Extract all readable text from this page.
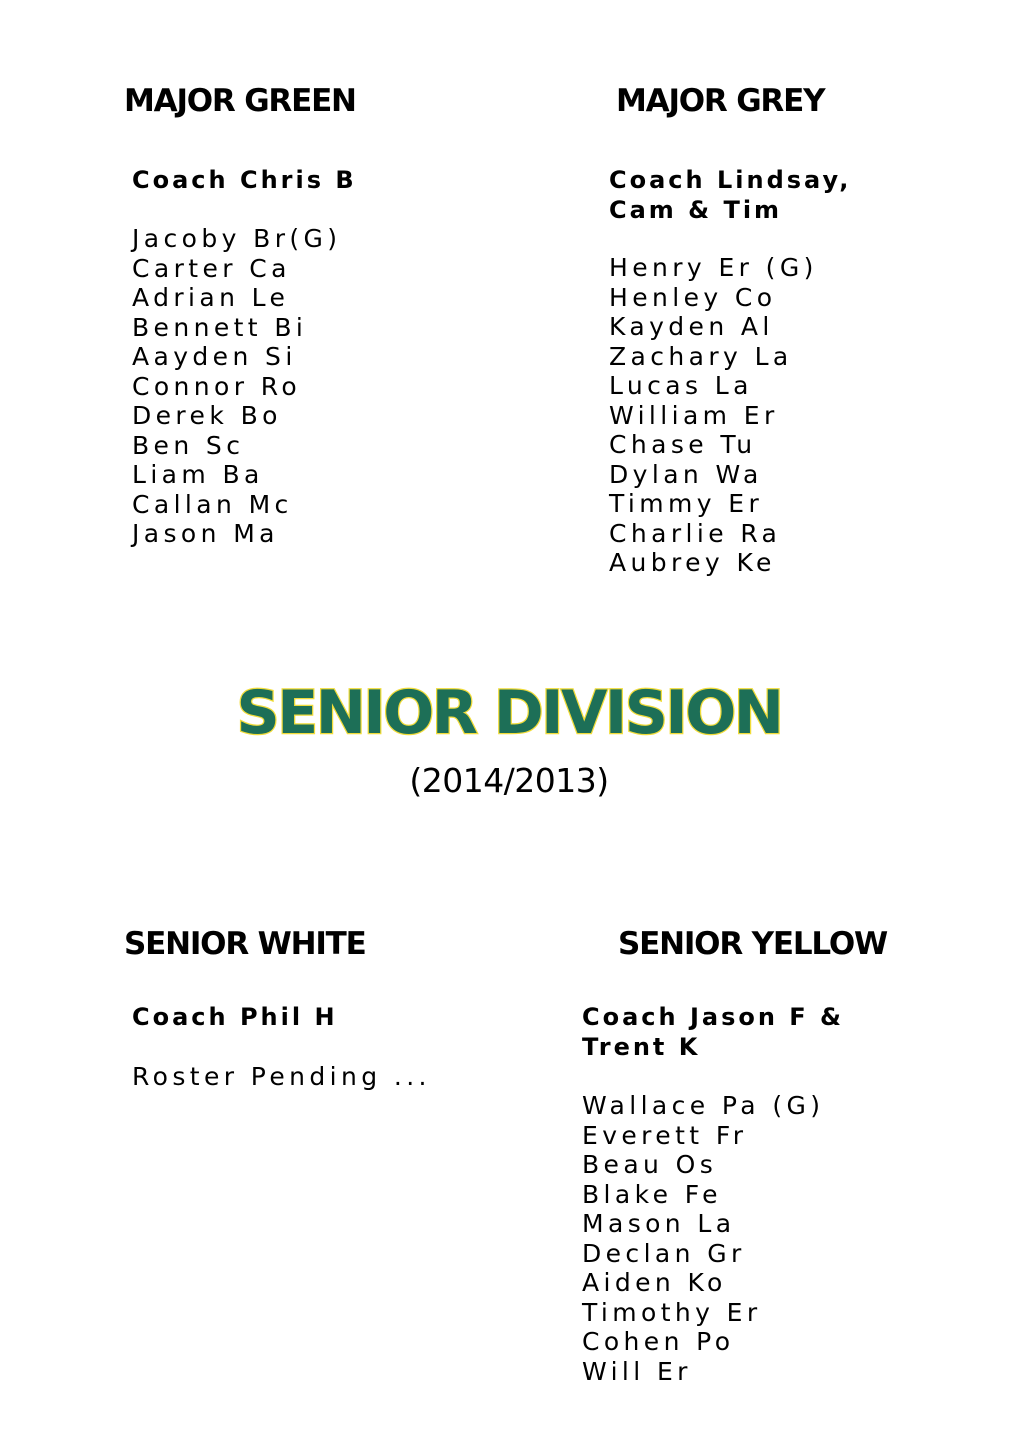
MAJOR GREEN
Coach Chris B
Jacoby Br(G)
Carter Ca
Adrian Le
Bennett Bi
Aayden Si
Connor Ro
Derek Bo
Ben Sc
Liam Ba
Callan Mc
Jason Ma
MAJOR GREY
Coach Lindsay,
Cam & Tim
Henry Er (G)
Henley Co
Kayden Al
Zachary La
Lucas La
William Er
Chase Tu
Dylan Wa
Timmy Er
Charlie Ra
Aubrey Ke
SENIOR DIVISION
(2014/2013)
SENIOR WHITE
Coach Phil H
Roster Pending ...
SENIOR YELLOW
Coach Jason F &
Trent K
Wallace Pa (G)
Everett Fr
Beau Os
Blake Fe
Mason La
Declan Gr
Aiden Ko
Timothy Er
Cohen Po
Will Er
